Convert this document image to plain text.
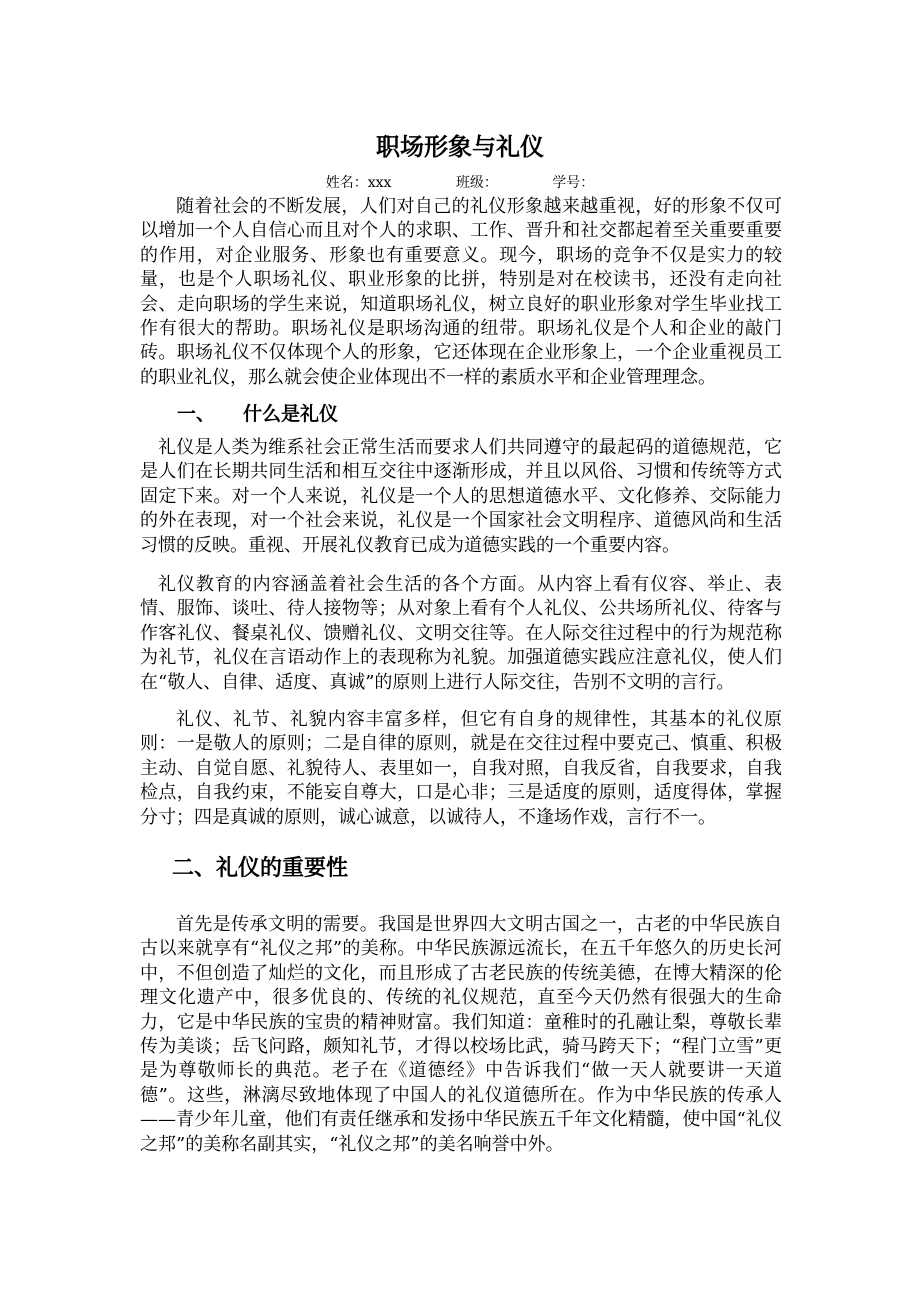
职场形象与礼仪
姓名：xxx	班级：	学号：

随着社会的不断发展，人们对自己的礼仪形象越来越重视，好的形象不仅可以增加一个人自信心而且对个人的求职、工作、晋升和社交都起着至关重要重要的作用，对企业服务、形象也有重要意义。现今，职场的竞争不仅是实力的较量，也是个人职场礼仪、职业形象的比拼，特别是对在校读书，还没有走向社会、走向职场的学生来说，知道职场礼仪，树立良好的职业形象对学生毕业找工作有很大的帮助。职场礼仪是职场沟通的纽带。职场礼仪是个人和企业的敲门砖。职场礼仪不仅体现个人的形象，它还体现在企业形象上，一个企业重视员工的职业礼仪，那么就会使企业体现出不一样的素质水平和企业管理理念。

一、 什么是礼仪

礼仪是人类为维系社会正常生活而要求人们共同遵守的最起码的道德规范，它是人们在长期共同生活和相互交往中逐渐形成，并且以风俗、习惯和传统等方式固定下来。对一个人来说，礼仪是一个人的思想道德水平、文化修养、交际能力的外在表现，对一个社会来说，礼仪是一个国家社会文明程序、道德风尚和生活习惯的反映。重视、开展礼仪教育已成为道德实践的一个重要内容。

礼仪教育的内容涵盖着社会生活的各个方面。从内容上看有仪容、举止、表情、服饰、谈吐、待人接物等；从对象上看有个人礼仪、公共场所礼仪、待客与作客礼仪、餐桌礼仪、馈赠礼仪、文明交往等。在人际交往过程中的行为规范称为礼节，礼仪在言语动作上的表现称为礼貌。加强道德实践应注意礼仪，使人们在“敬人、自律、适度、真诚”的原则上进行人际交往，告别不文明的言行。

礼仪、礼节、礼貌内容丰富多样，但它有自身的规律性，其基本的礼仪原则：一是敬人的原则；二是自律的原则，就是在交往过程中要克己、慎重、积极主动、自觉自愿、礼貌待人、表里如一，自我对照，自我反省，自我要求，自我检点，自我约束，不能妄自尊大，口是心非；三是适度的原则，适度得体，掌握分寸；四是真诚的原则，诚心诚意，以诚待人，不逢场作戏，言行不一。

二、礼仪的重要性

首先是传承文明的需要。我国是世界四大文明古国之一，古老的中华民族自古以来就享有“礼仪之邦”的美称。中华民族源远流长，在五千年悠久的历史长河中，不但创造了灿烂的文化，而且形成了古老民族的传统美德，在博大精深的伦理文化遗产中，很多优良的、传统的礼仪规范，直至今天仍然有很强大的生命力，它是中华民族的宝贵的精神财富。我们知道：童稚时的孔融让梨，尊敬长辈传为美谈；岳飞问路，颇知礼节，才得以校场比武，骑马跨天下；“程门立雪”更是为尊敬师长的典范。老子在《道德经》中告诉我们“做一天人就要讲一天道德”。这些，淋漓尽致地体现了中国人的礼仪道德所在。作为中华民族的传承人——青少年儿童，他们有责任继承和发扬中华民族五千年文化精髓，使中国“礼仪之邦”的美称名副其实，“礼仪之邦”的美名响誉中外。
